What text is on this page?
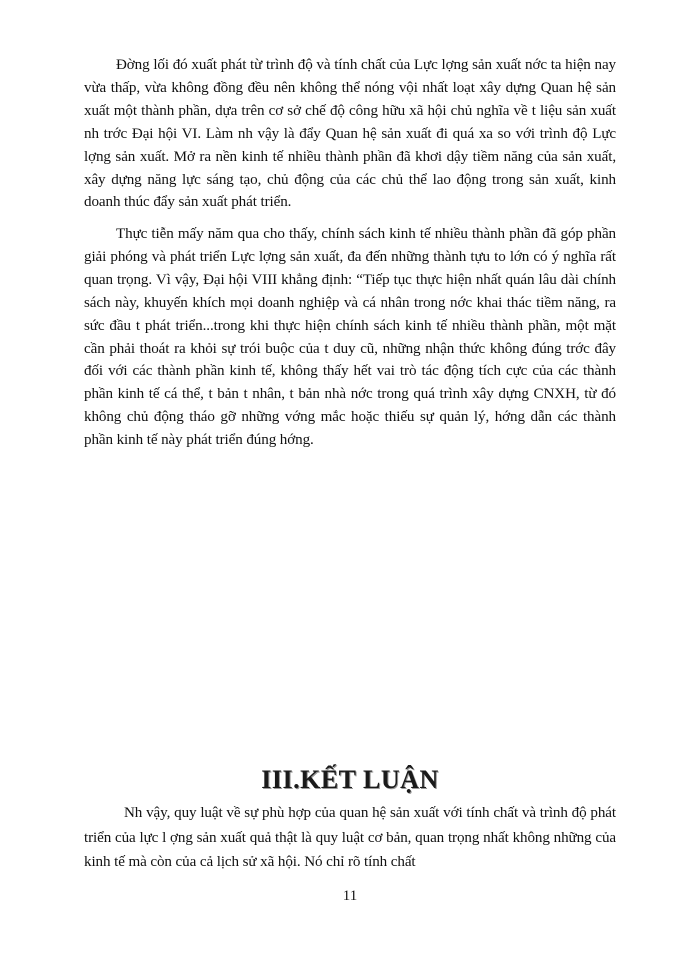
Đờng lối đó xuất phát từ trình độ và tính chất của Lực lợng sản xuất nớc ta hiện nay vừa thấp, vừa không đồng đều nên không thể nóng vội nhất loạt xây dựng Quan hệ sản xuất một thành phần, dựa trên cơ sở chế độ công hữu xã hội chủ nghĩa về t liệu sản xuất nh trớc Đại hội VI. Làm nh vậy là đẩy Quan hệ sản xuất đi quá xa so với trình độ Lực lợng sản xuất. Mở ra nền kinh tế nhiều thành phần đã khơi dậy tiềm năng của sản xuất, xây dựng năng lực sáng tạo, chủ động của các chủ thể lao động trong sản xuất, kinh doanh thúc đẩy sản xuất phát triển.

Thực tiễn mấy năm qua cho thấy, chính sách kinh tế nhiều thành phần đã góp phần giải phóng và phát triển Lực lợng sản xuất, đa đến những thành tựu to lớn có ý nghĩa rất quan trọng. Vì vậy, Đại hội VIII khẳng định: “Tiếp tục thực hiện nhất quán lâu dài chính sách này, khuyến khích mọi doanh nghiệp và cá nhân trong nớc khai thác tiềm năng, ra sức đầu t phát triển...trong khi thực hiện chính sách kinh tế nhiều thành phần, một mặt cần phải thoát ra khỏi sự trói buộc của t duy cũ, những nhận thức không đúng trớc đây đối với các thành phần kinh tế, không thấy hết vai trò tác động tích cực của các thành phần kinh tế cá thể, t bản t nhân, t bản nhà nớc trong quá trình xây dựng CNXH, từ đó không chủ động tháo gỡ những vớng mắc hoặc thiếu sự quản lý, hớng dẫn các thành phần kinh tế này phát triển đúng hớng.

III.KẾT LUẬN

Nh vậy, quy luật về sự phù hợp của quan hệ sản xuất với tính chất và trình độ phát triển của lực l ợng sản xuất quả thật là quy luật cơ bản, quan trọng nhất không những của kinh tế mà còn của cả lịch sử xã hội. Nó chỉ rõ tính chất

11
